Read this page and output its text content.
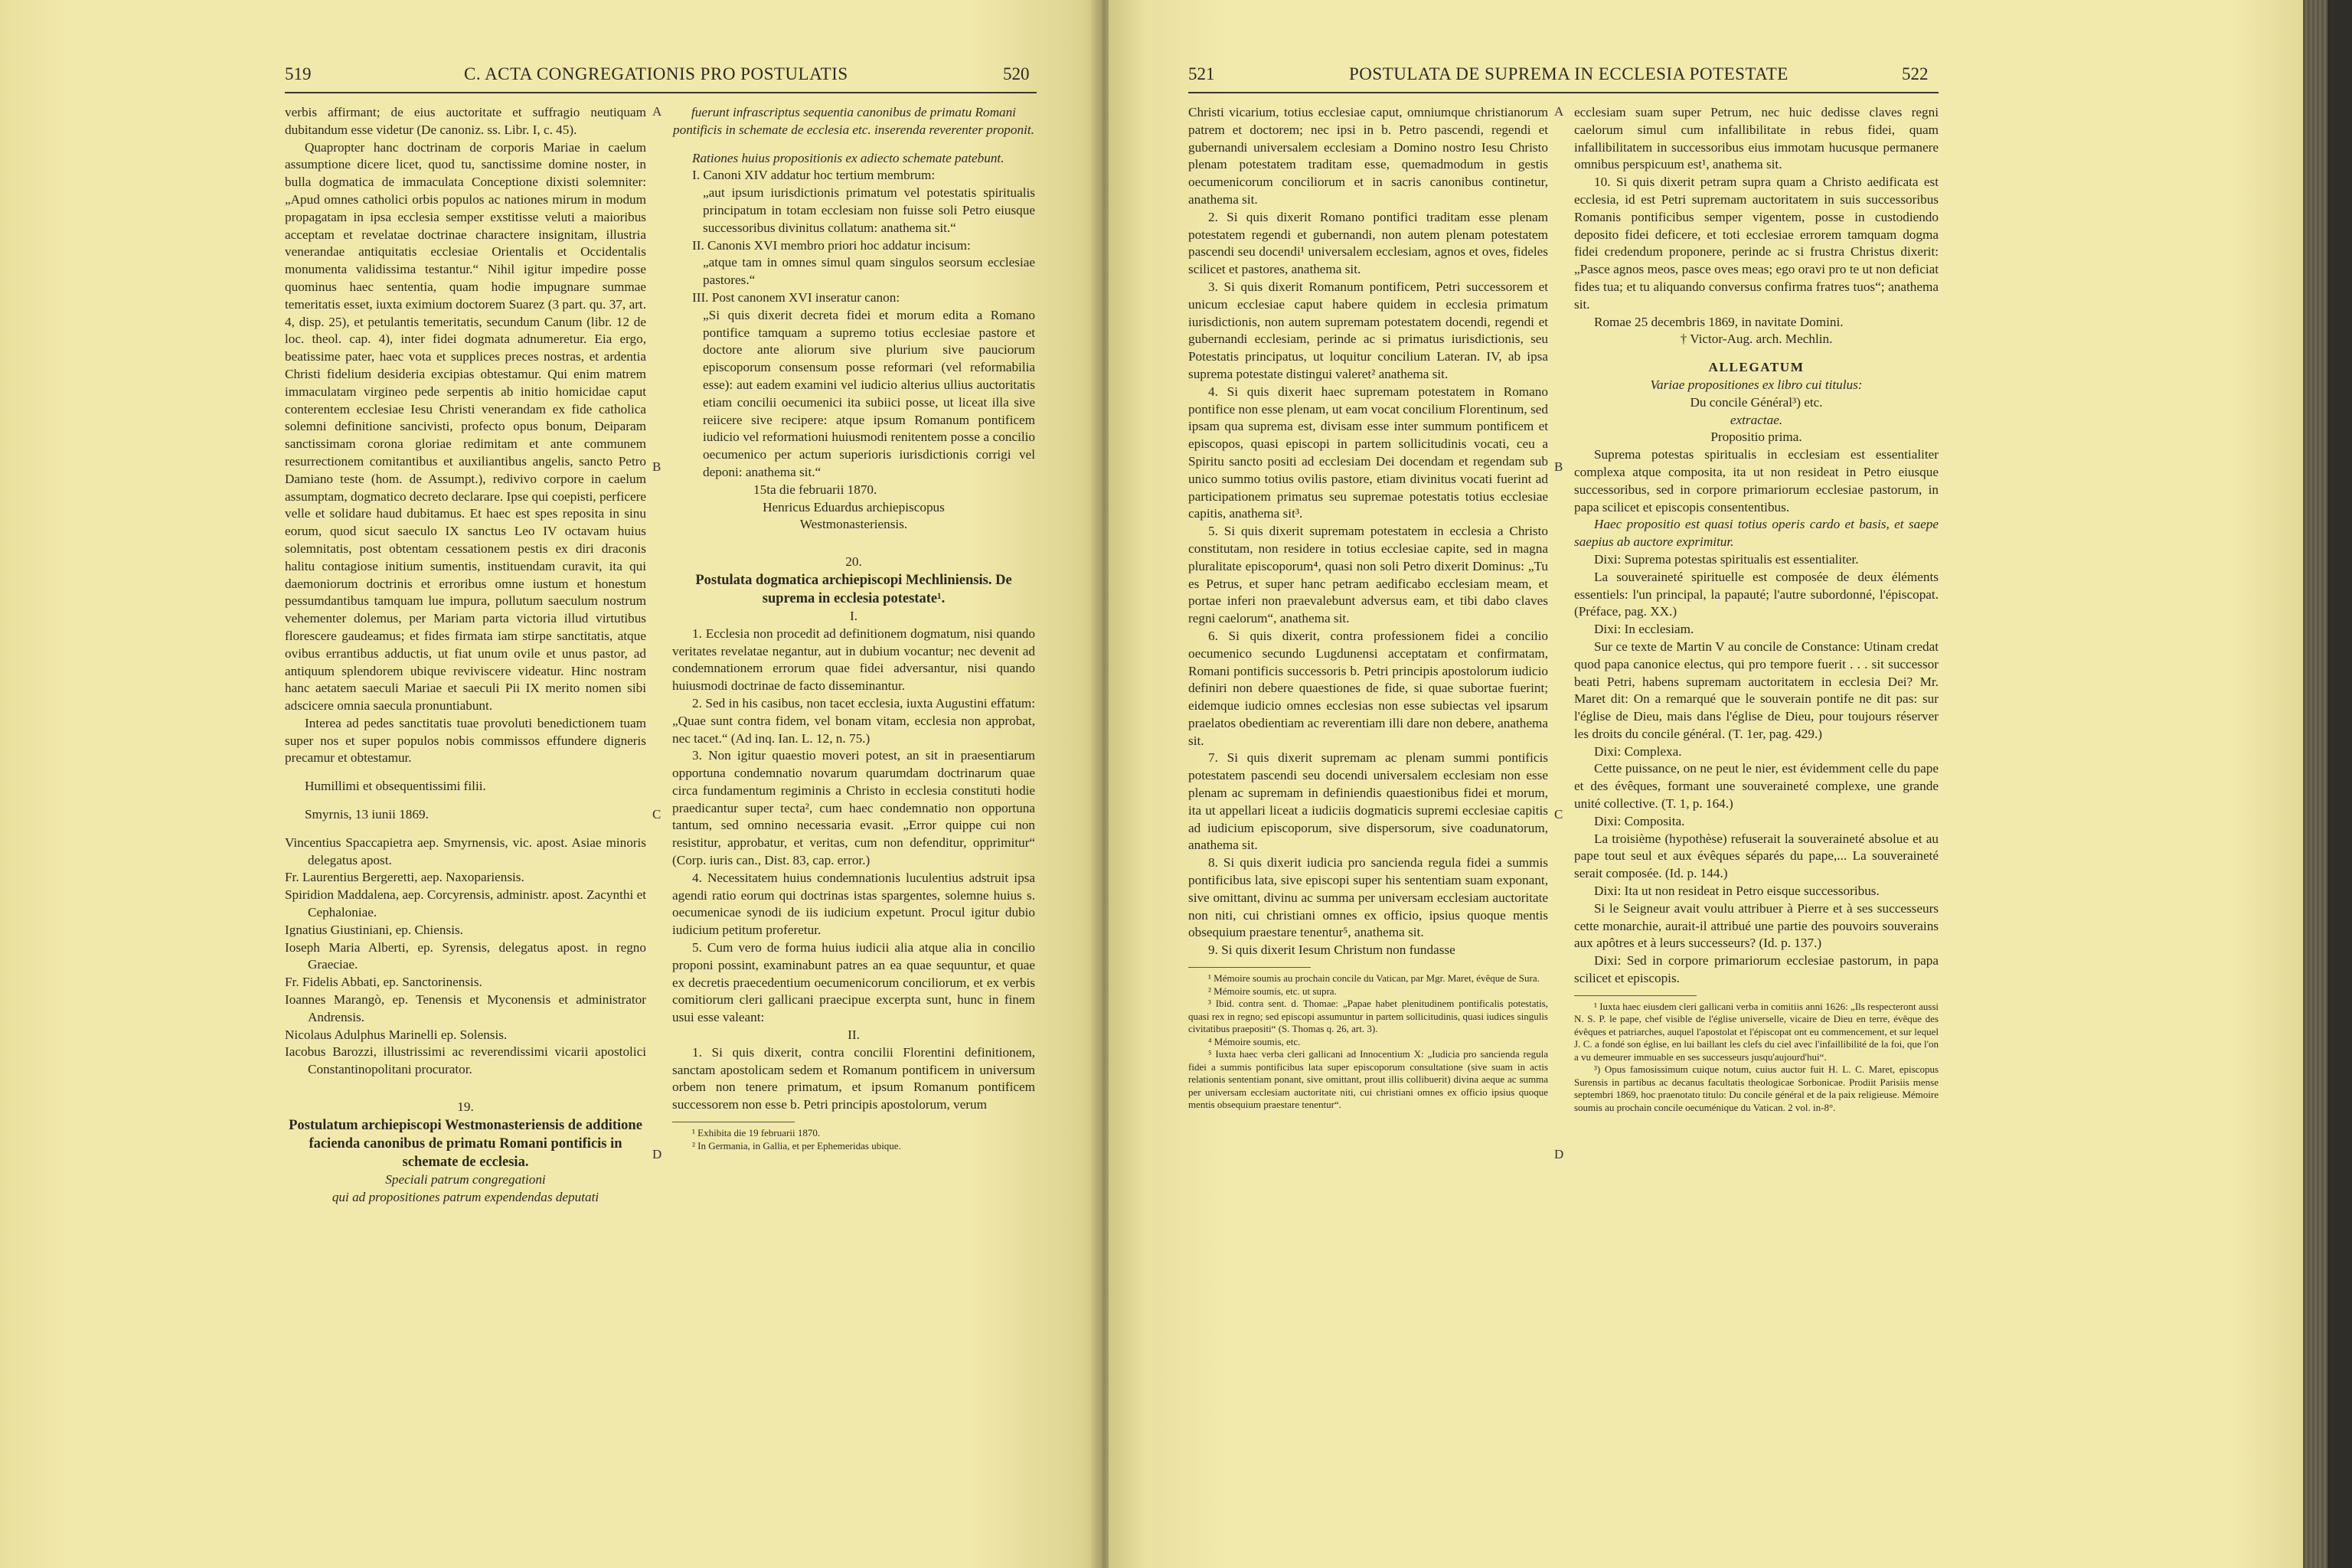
519	C. ACTA CONGREGATIONIS PRO POSTULATIS	520

verbis affirmant; de eius auctoritate et suffragio neutiquam dubitandum esse videtur (De canoniz. ss. Libr. I, c. 45).

Quapropter hanc doctrinam de corporis Mariae in caelum assumptione dicere licet, quod tu, sanctissime domine noster, in bulla dogmatica de immaculata Conceptione dixisti solemniter: „Apud omnes catholici orbis populos ac nationes mirum in modum propagatam in ipsa ecclesia semper exstitisse veluti a maioribus acceptam et revelatae doctrinae charactere insignitam, illustria venerandae antiquitatis ecclesiae Orientalis et Occidentalis monumenta validissima testantur.“ Nihil igitur impedire posse quominus haec sententia, quam hodie impugnare summae temeritatis esset, iuxta eximium doctorem Suarez (3 part. qu. 37, art. 4, disp. 25), et petulantis temeritatis, secundum Canum (libr. 12 de loc. theol. cap. 4), inter fidei dogmata adnumeretur. Eia ergo, beatissime pater, haec vota et supplices preces nostras, et ardentia Christi fidelium desideria excipias obtestamur. Qui enim matrem immaculatam virgineo pede serpentis ab initio homicidae caput conterentem ecclesiae Iesu Christi venerandam ex fide catholica solemni definitione sancivisti, profecto opus bonum, Deiparam sanctissimam corona gloriae redimitam et ante communem resurrectionem comitantibus et auxiliantibus angelis, sancto Petro Damiano teste (hom. de Assumpt.), redivivo corpore in caelum assumptam, dogmatico decreto declarare. Ipse qui coepisti, perficere velle et solidare haud dubitamus. Et haec est spes reposita in sinu eorum, quod sicut saeculo IX sanctus Leo IV octavam huius solemnitatis, post obtentam cessationem pestis ex diri draconis halitu contagiose initium sumentis, instituendam curavit, ita qui daemoniorum doctrinis et erroribus omne iustum et honestum pessumdantibus tamquam lue impura, pollutum saeculum nostrum vehementer dolemus, per Mariam parta victoria illud virtutibus florescere gaudeamus; et fides firmata iam stirpe sanctitatis, atque ovibus errantibus adductis, ut fiat unum ovile et unus pastor, ad antiquum splendorem ubique reviviscere videatur. Hinc nostram hanc aetatem saeculi Mariae et saeculi Pii IX merito nomen sibi adscicere omnia saecula pronuntiabunt.

Interea ad pedes sanctitatis tuae provoluti benedictionem tuam super nos et super populos nobis commissos effundere digneris precamur et obtestamur.

Humillimi et obsequentissimi filii.

Smyrnis, 13 iunii 1869.

Vincentius Spaccapietra aep. Smyrnensis, vic. apost. Asiae minoris delegatus apost.

Fr. Laurentius Bergeretti, aep. Naxopariensis.

Spiridion Maddalena, aep. Corcyrensis, administr. apost. Zacynthi et Cephaloniae.

Ignatius Giustiniani, ep. Chiensis.

Ioseph Maria Alberti, ep. Syrensis, delegatus apost. in regno Graeciae.

Fr. Fidelis Abbati, ep. Sanctorinensis.

Ioannes Marangò, ep. Tenensis et Myconensis et administrator Andrensis.

Nicolaus Adulphus Marinelli ep. Solensis.

Iacobus Barozzi, illustrissimi ac reverendissimi vicarii apostolici Constantinopolitani procurator.

19.

Postulatum archiepiscopi Westmonasteriensis de additione facienda canonibus de primatu Romani pontificis in schemate de ecclesia.

Speciali patrum congregationi

qui ad propositiones patrum expendendas deputati

A
B
C
D

fuerunt infrascriptus sequentia canonibus de primatu Romani pontificis in schemate de ecclesia etc. inserenda reverenter proponit.

Rationes huius propositionis ex adiecto schemate patebunt.

I. Canoni XIV addatur hoc tertium membrum:

„aut ipsum iurisdictionis primatum vel potestatis spiritualis principatum in totam ecclesiam non fuisse soli Petro eiusque successoribus divinitus collatum: anathema sit.“

II. Canonis XVI membro priori hoc addatur incisum:

„atque tam in omnes simul quam singulos seorsum ecclesiae pastores.“

III. Post canonem XVI inseratur canon:

„Si quis dixerit decreta fidei et morum edita a Romano pontifice tamquam a supremo totius ecclesiae pastore et doctore ante aliorum sive plurium sive pauciorum episcoporum consensum posse reformari (vel reformabilia esse): aut eadem examini vel iudicio alterius ullius auctoritatis etiam concilii oecumenici ita subiici posse, ut liceat illa sive reiicere sive recipere: atque ipsum Romanum pontificem iudicio vel reformationi huiusmodi renitentem posse a concilio oecumenico per actum superioris iurisdictionis corrigi vel deponi: anathema sit.“

15ta die februarii 1870.

Henricus Eduardus archiepiscopus

Westmonasteriensis.

20.

Postulata dogmatica archiepiscopi Mechliniensis. De suprema in ecclesia potestate¹.

I.

1. Ecclesia non procedit ad definitionem dogmatum, nisi quando veritates revelatae negantur, aut in dubium vocantur; nec devenit ad condemnationem errorum quae fidei adversantur, nisi quando huiusmodi doctrinae de facto disseminantur.

2. Sed in his casibus, non tacet ecclesia, iuxta Augustini effatum: „Quae sunt contra fidem, vel bonam vitam, ecclesia non approbat, nec tacet.“ (Ad inq. Ian. L. 12, n. 75.)

3. Non igitur quaestio moveri potest, an sit in praesentiarum opportuna condemnatio novarum quarumdam doctrinarum quae circa fundamentum regiminis a Christo in ecclesia constituti hodie praedicantur super tecta², cum haec condemnatio non opportuna tantum, sed omnino necessaria evasit. „Error quippe cui non resistitur, approbatur, et veritas, cum non defenditur, opprimitur“ (Corp. iuris can., Dist. 83, cap. error.)

4. Necessitatem huius condemnationis luculentius adstruit ipsa agendi ratio eorum qui doctrinas istas spargentes, solemne huius s. oecumenicae synodi de iis iudicium expetunt. Procul igitur dubio iudicium petitum proferetur.

5. Cum vero de forma huius iudicii alia atque alia in concilio proponi possint, examinabunt patres an ea quae sequuntur, et quae ex decretis praecedentium oecumenicorum conciliorum, et ex verbis comitiorum cleri gallicani praecipue excerpta sunt, hunc in finem usui esse valeant:

II.

1. Si quis dixerit, contra concilii Florentini definitionem, sanctam apostolicam sedem et Romanum pontificem in universum orbem non tenere primatum, et ipsum Romanum pontificem successorem non esse b. Petri principis apostolorum, verum

¹ Exhibita die 19 februarii 1870.

² In Germania, in Gallia, et per Ephemeridas ubique.

521	POSTULATA DE SUPREMA IN ECCLESIA POTESTATE	522

Christi vicarium, totius ecclesiae caput, omniumque christianorum patrem et doctorem; nec ipsi in b. Petro pascendi, regendi et gubernandi universalem ecclesiam a Domino nostro Iesu Christo plenam potestatem traditam esse, quemadmodum in gestis oecumenicorum conciliorum et in sacris canonibus continetur, anathema sit.

2. Si quis dixerit Romano pontifici traditam esse plenam potestatem regendi et gubernandi, non autem plenam potestatem pascendi seu docendi¹ universalem ecclesiam, agnos et oves, fideles scilicet et pastores, anathema sit.

3. Si quis dixerit Romanum pontificem, Petri successorem et unicum ecclesiae caput habere quidem in ecclesia primatum iurisdictionis, non autem supremam potestatem docendi, regendi et gubernandi ecclesiam, perinde ac si primatus iurisdictionis, seu Potestatis principatus, ut loquitur concilium Lateran. IV, ab ipsa suprema potestate distingui valeret² anathema sit.

4. Si quis dixerit haec supremam potestatem in Romano pontifice non esse plenam, ut eam vocat concilium Florentinum, sed ipsam qua suprema est, divisam esse inter summum pontificem et episcopos, quasi episcopi in partem sollicitudinis vocati, ceu a Spiritu sancto positi ad ecclesiam Dei docendam et regendam sub unico summo totius ovilis pastore, etiam divinitus vocati fuerint ad participationem primatus seu supremae potestatis totius ecclesiae capitis, anathema sit³.

5. Si quis dixerit supremam potestatem in ecclesia a Christo constitutam, non residere in totius ecclesiae capite, sed in magna pluralitate episcoporum⁴, quasi non soli Petro dixerit Dominus: „Tu es Petrus, et super hanc petram aedificabo ecclesiam meam, et portae inferi non praevalebunt adversus eam, et tibi dabo claves regni caelorum“, anathema sit.

6. Si quis dixerit, contra professionem fidei a concilio oecumenico secundo Lugdunensi acceptatam et confirmatam, Romani pontificis successoris b. Petri principis apostolorum iudicio definiri non debere quaestiones de fide, si quae subortae fuerint; eidemque iudicio omnes ecclesias non esse subiectas vel ipsarum praelatos obedientiam ac reverentiam illi dare non debere, anathema sit.

7. Si quis dixerit supremam ac plenam summi pontificis potestatem pascendi seu docendi universalem ecclesiam non esse plenam ac supremam in definiendis quaestionibus fidei et morum, ita ut appellari liceat a iudiciis dogmaticis supremi ecclesiae capitis ad iudicium episcoporum, sive dispersorum, sive coadunatorum, anathema sit.

8. Si quis dixerit iudicia pro sancienda regula fidei a summis pontificibus lata, sive episcopi super his sententiam suam exponant, sive omittant, divinu ac summa per universam ecclesiam auctoritate non niti, cui christiani omnes ex officio, ipsius quoque mentis obsequium praestare tenentur⁵, anathema sit.

9. Si quis dixerit Iesum Christum non fundasse

¹ Mémoire soumis au prochain concile du Vatican, par Mgr. Maret, évêque de Sura.

² Mémoire soumis, etc. ut supra.

³ Ibid. contra sent. d. Thomae: „Papae habet plenitudinem pontificalis potestatis, quasi rex in regno; sed episcopi assumuntur in partem sollicitudinis, quasi iudices singulis civitatibus praepositi“ (S. Thomas q. 26, art. 3).

⁴ Mémoire soumis, etc.

⁵ Iuxta haec verba cleri gallicani ad Innocentium X: „Iudicia pro sancienda regula fidei a summis pontificibus lata super episcoporum consultatione (sive suam in actis relationis sententiam ponant, sive omittant, prout illis collibuerit) divina aeque ac summa per universam ecclesiam auctoritate niti, cui christiani omnes ex officio ipsius quoque mentis obsequium praestare tenentur“.

A
B
C
D

ecclesiam suam super Petrum, nec huic dedisse claves regni caelorum simul cum infallibilitate in rebus fidei, quam infallibilitatem in successoribus eius immotam hucusque permanere omnibus perspicuum est¹, anathema sit.

10. Si quis dixerit petram supra quam a Christo aedificata est ecclesia, id est Petri supremam auctoritatem in suis successoribus Romanis pontificibus semper vigentem, posse in custodiendo deposito fidei deficere, et toti ecclesiae errorem tamquam dogma fidei credendum proponere, perinde ac si frustra Christus dixerit: „Pasce agnos meos, pasce oves meas; ego oravi pro te ut non deficiat fides tua; et tu aliquando conversus confirma fratres tuos“; anathema sit.

Romae 25 decembris 1869, in navitate Domini.

† Victor-Aug. arch. Mechlin.

ALLEGATUM

Variae propositiones ex libro cui titulus:

Du concile Général³) etc.

extractae.

Propositio prima.

Suprema potestas spiritualis in ecclesiam est essentialiter complexa atque composita, ita ut non resideat in Petro eiusque successoribus, sed in corpore primariorum ecclesiae pastorum, in papa scilicet et episcopis consententibus.

Haec propositio est quasi totius operis cardo et basis, et saepe saepius ab auctore exprimitur.

Dixi: Suprema potestas spiritualis est essentialiter.

La souveraineté spirituelle est composée de deux éléments essentiels: l'un principal, la papauté; l'autre subordonné, l'épiscopat. (Préface, pag. XX.)

Dixi: In ecclesiam.

Sur ce texte de Martin V au concile de Constance: Utinam credat quod papa canonice electus, qui pro tempore fuerit . . . sit successor beati Petri, habens supremam auctoritatem in ecclesia Dei? Mr. Maret dit: On a remarqué que le souverain pontife ne dit pas: sur l'église de Dieu, mais dans l'église de Dieu, pour toujours réserver les droits du concile général. (T. 1er, pag. 429.)

Dixi: Complexa.

Cette puissance, on ne peut le nier, est évidemment celle du pape et des évêques, formant une souveraineté complexe, une grande unité collective. (T. 1, p. 164.)

Dixi: Composita.

La troisième (hypothèse) refuserait la souveraineté absolue et au pape tout seul et aux évêques séparés du pape,... La souveraineté serait composée. (Id. p. 144.)

Dixi: Ita ut non resideat in Petro eisque successoribus.

Si le Seigneur avait voulu attribuer à Pierre et à ses successeurs cette monarchie, aurait-il attribué une partie des pouvoirs souverains aux apôtres et à leurs successeurs? (Id. p. 137.)

Dixi: Sed in corpore primariorum ecclesiae pastorum, in papa scilicet et episcopis.

¹ Iuxta haec eiusdem cleri gallicani verba in comitiis anni 1626: „Ils respecteront aussi N. S. P. le pape, chef visible de l'église universelle, vicaire de Dieu en terre, évêque des évêques et patriarches, auquel l'apostolat et l'épiscopat ont eu commencement, et sur lequel J. C. a fondé son église, en lui baillant les clefs du ciel avec l'infaillibilité de la foi, que l'on a vu demeurer immuable en ses successeurs jusqu'aujourd'hui“.

³) Opus famosissimum cuique notum, cuius auctor fuit H. L. C. Maret, episcopus Surensis in partibus ac decanus facultatis theologicae Sorbonicae. Prodiit Parisiis mense septembri 1869, hoc praenotato titulo: Du concile général et de la paix religieuse. Mémoire soumis au prochain concile oecuménique du Vatican. 2 vol. in-8°.
